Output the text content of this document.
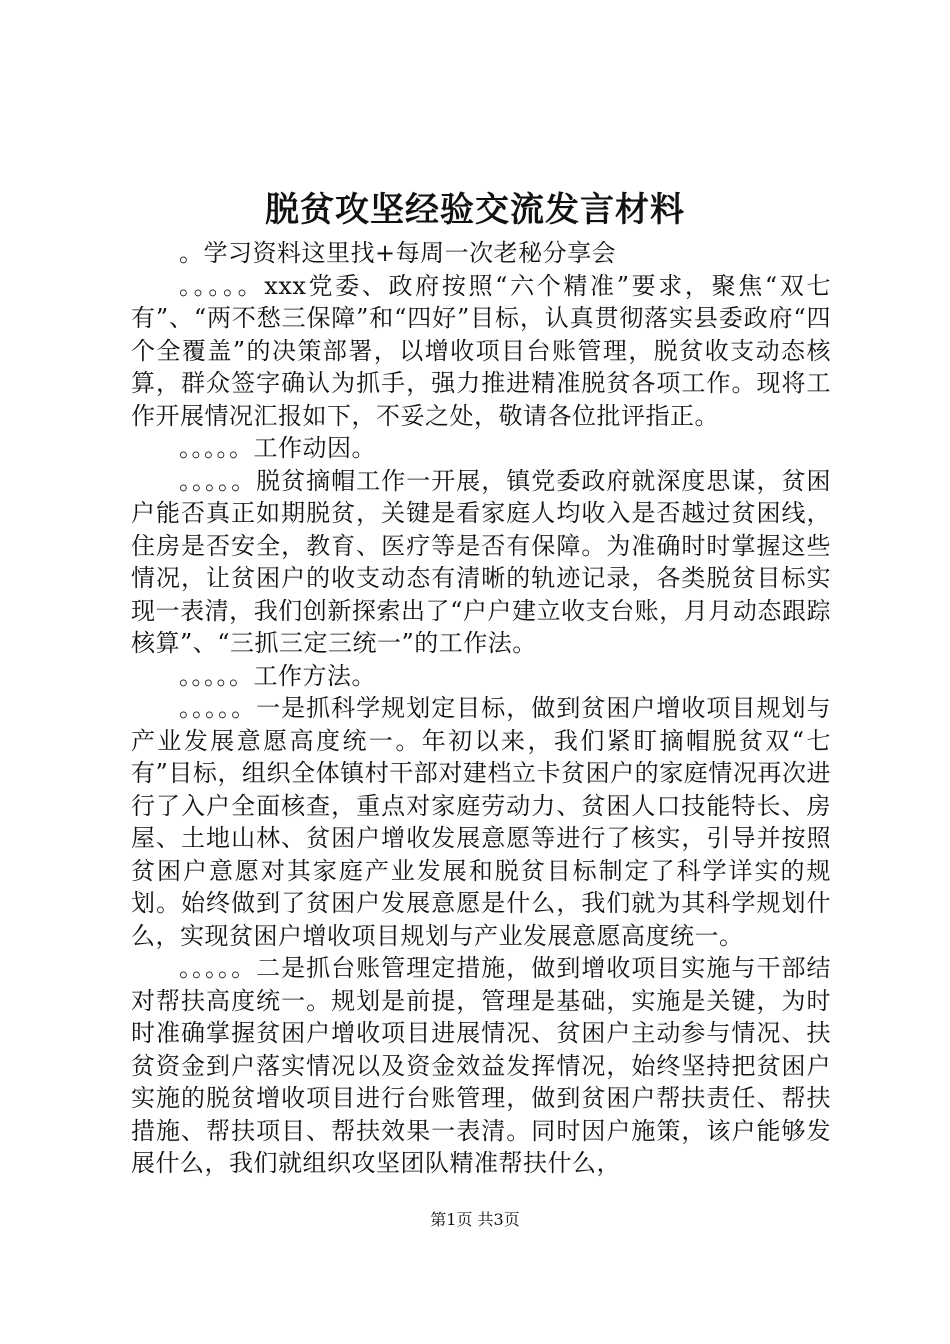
脱贫攻坚经验交流发言材料

。学习资料这里找+每周一次老秘分享会

。。。。。xxx党委、政府按照“六个精准”要求，聚焦“双七有”、“两不愁三保障”和“四好”目标，认真贯彻落实县委政府“四个全覆盖”的决策部署，以增收项目台账管理，脱贫收支动态核算，群众签字确认为抓手，强力推进精准脱贫各项工作。现将工作开展情况汇报如下，不妥之处，敬请各位批评指正。

。。。。。工作动因。

。。。。。脱贫摘帽工作一开展，镇党委政府就深度思谋，贫困户能否真正如期脱贫，关键是看家庭人均收入是否越过贫困线，住房是否安全，教育、医疗等是否有保障。为准确时时掌握这些情况，让贫困户的收支动态有清晰的轨迹记录，各类脱贫目标实现一表清，我们创新探索出了“户户建立收支台账，月月动态跟踪核算”、“三抓三定三统一”的工作法。

。。。。。工作方法。

。。。。。一是抓科学规划定目标，做到贫困户增收项目规划与产业发展意愿高度统一。年初以来，我们紧盯摘帽脱贫双“七有”目标，组织全体镇村干部对建档立卡贫困户的家庭情况再次进行了入户全面核查，重点对家庭劳动力、贫困人口技能特长、房屋、土地山林、贫困户增收发展意愿等进行了核实，引导并按照贫困户意愿对其家庭产业发展和脱贫目标制定了科学详实的规划。始终做到了贫困户发展意愿是什么，我们就为其科学规划什么，实现贫困户增收项目规划与产业发展意愿高度统一。

。。。。。二是抓台账管理定措施，做到增收项目实施与干部结对帮扶高度统一。规划是前提，管理是基础，实施是关键，为时时准确掌握贫困户增收项目进展情况、贫困户主动参与情况、扶贫资金到户落实情况以及资金效益发挥情况，始终坚持把贫困户实施的脱贫增收项目进行台账管理，做到贫困户帮扶责任、帮扶措施、帮扶项目、帮扶效果一表清。同时因户施策，该户能够发展什么，我们就组织攻坚团队精准帮扶什么，

第1页 共3页
